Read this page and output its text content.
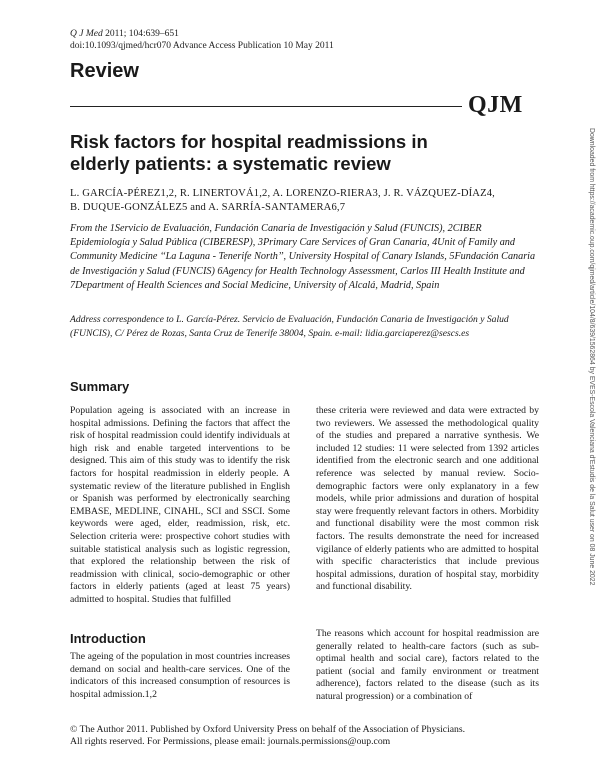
Q J Med 2011; 104:639–651
doi:10.1093/qjmed/hcr070 Advance Access Publication 10 May 2011
Review
QJM
Risk factors for hospital readmissions in elderly patients: a systematic review
L. GARCÍA-PÉREZ1,2, R. LINERTOVÁ1,2, A. LORENZO-RIERA3, J. R. VÁZQUEZ-DÍAZ4,
B. DUQUE-GONZÁLEZ5 and A. SARRÍA-SANTAMERA6,7
From the 1Servicio de Evaluación, Fundación Canaria de Investigación y Salud (FUNCIS), 2CIBER Epidemiología y Salud Pública (CIBERESP), 3Primary Care Services of Gran Canaria, 4Unit of Family and Community Medicine ‘‘La Laguna - Tenerife North’’, University Hospital of Canary Islands, 5Fundación Canaria de Investigación y Salud (FUNCIS) 6Agency for Health Technology Assessment, Carlos III Health Institute and 7Department of Health Sciences and Social Medicine, University of Alcalá, Madrid, Spain
Address correspondence to L. García-Pérez. Servicio de Evaluación, Fundación Canaria de Investigación y Salud (FUNCIS), C/ Pérez de Rozas, Santa Cruz de Tenerife 38004, Spain. e-mail: lidia.garciaperez@sescs.es
Summary
Population ageing is associated with an increase in hospital admissions. Defining the factors that affect the risk of hospital readmission could identify individuals at high risk and enable targeted interventions to be designed. This aim of this study was to identify the risk factors for hospital readmission in elderly people. A systematic review of the literature published in English or Spanish was performed by electronically searching EMBASE, MEDLINE, CINAHL, SCI and SSCI. Some keywords were aged, elder, readmission, risk, etc. Selection criteria were: prospective cohort studies with suitable statistical analysis such as logistic regression, that explored the relationship between the risk of readmission with clinical, socio-demographic or other factors in elderly patients (aged at least 75 years) admitted to hospital. Studies that fulfilled
these criteria were reviewed and data were extracted by two reviewers. We assessed the methodological quality of the studies and prepared a narrative synthesis. We included 12 studies: 11 were selected from 1392 articles identified from the electronic search and one additional reference was selected by manual review. Socio-demographic factors were only explanatory in a few models, while prior admissions and duration of hospital stay were frequently relevant factors in others. Morbidity and functional disability were the most common risk factors. The results demonstrate the need for increased vigilance of elderly patients who are admitted to hospital with specific characteristics that include previous hospital admissions, duration of hospital stay, morbidity and functional disability.
Introduction
The ageing of the population in most countries increases demand on social and health-care services. One of the indicators of this increased consumption of resources is hospital admission.1,2
The reasons which account for hospital readmission are generally related to health-care factors (such as sub-optimal health and social care), factors related to the patient (social and family environment or treatment adherence), factors related to the disease (such as its natural progression) or a combination of
© The Author 2011. Published by Oxford University Press on behalf of the Association of Physicians.
All rights reserved. For Permissions, please email: journals.permissions@oup.com
Downloaded from https://academic.oup.com/qjmed/article/104/8/639/1562864 by EVES-Escola Valenciana d'Estudis de la Salut user on 08 June 2022
